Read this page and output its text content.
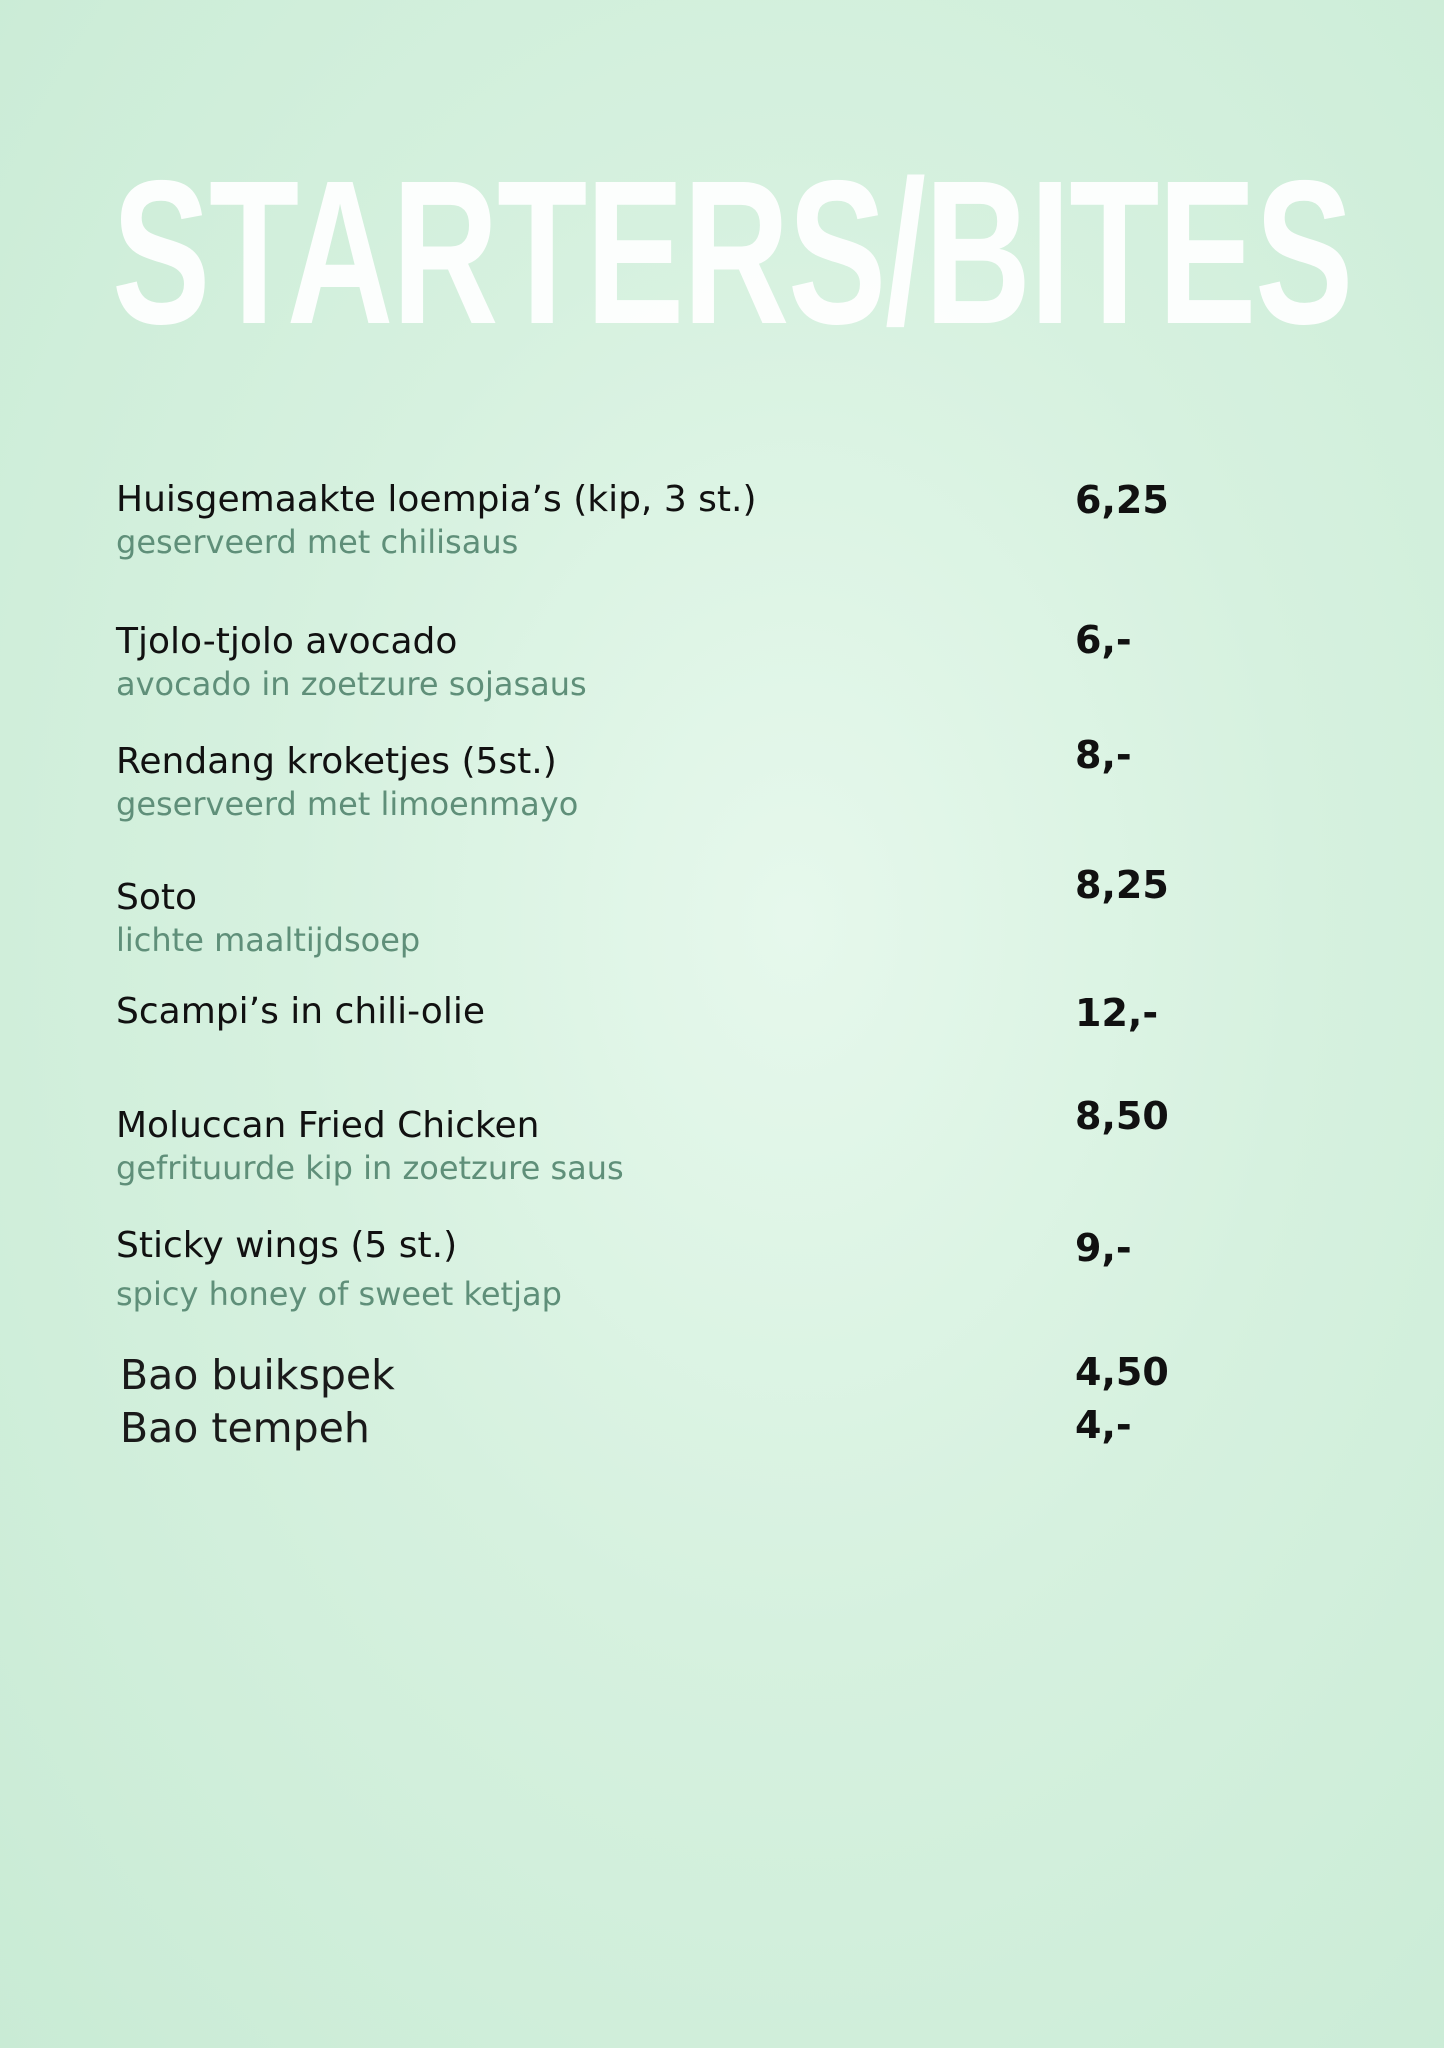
STARTERS/BITES
Huisgemaakte loempia’s (kip, 3 st.)
geserveerd met chilisaus
6,25
Tjolo-tjolo avocado
avocado in zoetzure sojasaus
6,-
Rendang kroketjes (5st.)
geserveerd met limoenmayo
8,-
Soto
lichte maaltijdsoep
8,25
Scampi’s in chili-olie	12,-
Moluccan Fried Chicken
gefrituurde kip in zoetzure saus
8,50
Sticky wings (5 st.)
spicy honey of sweet ketjap
9,-
Bao buikspek	4,50
Bao tempeh	4,-
